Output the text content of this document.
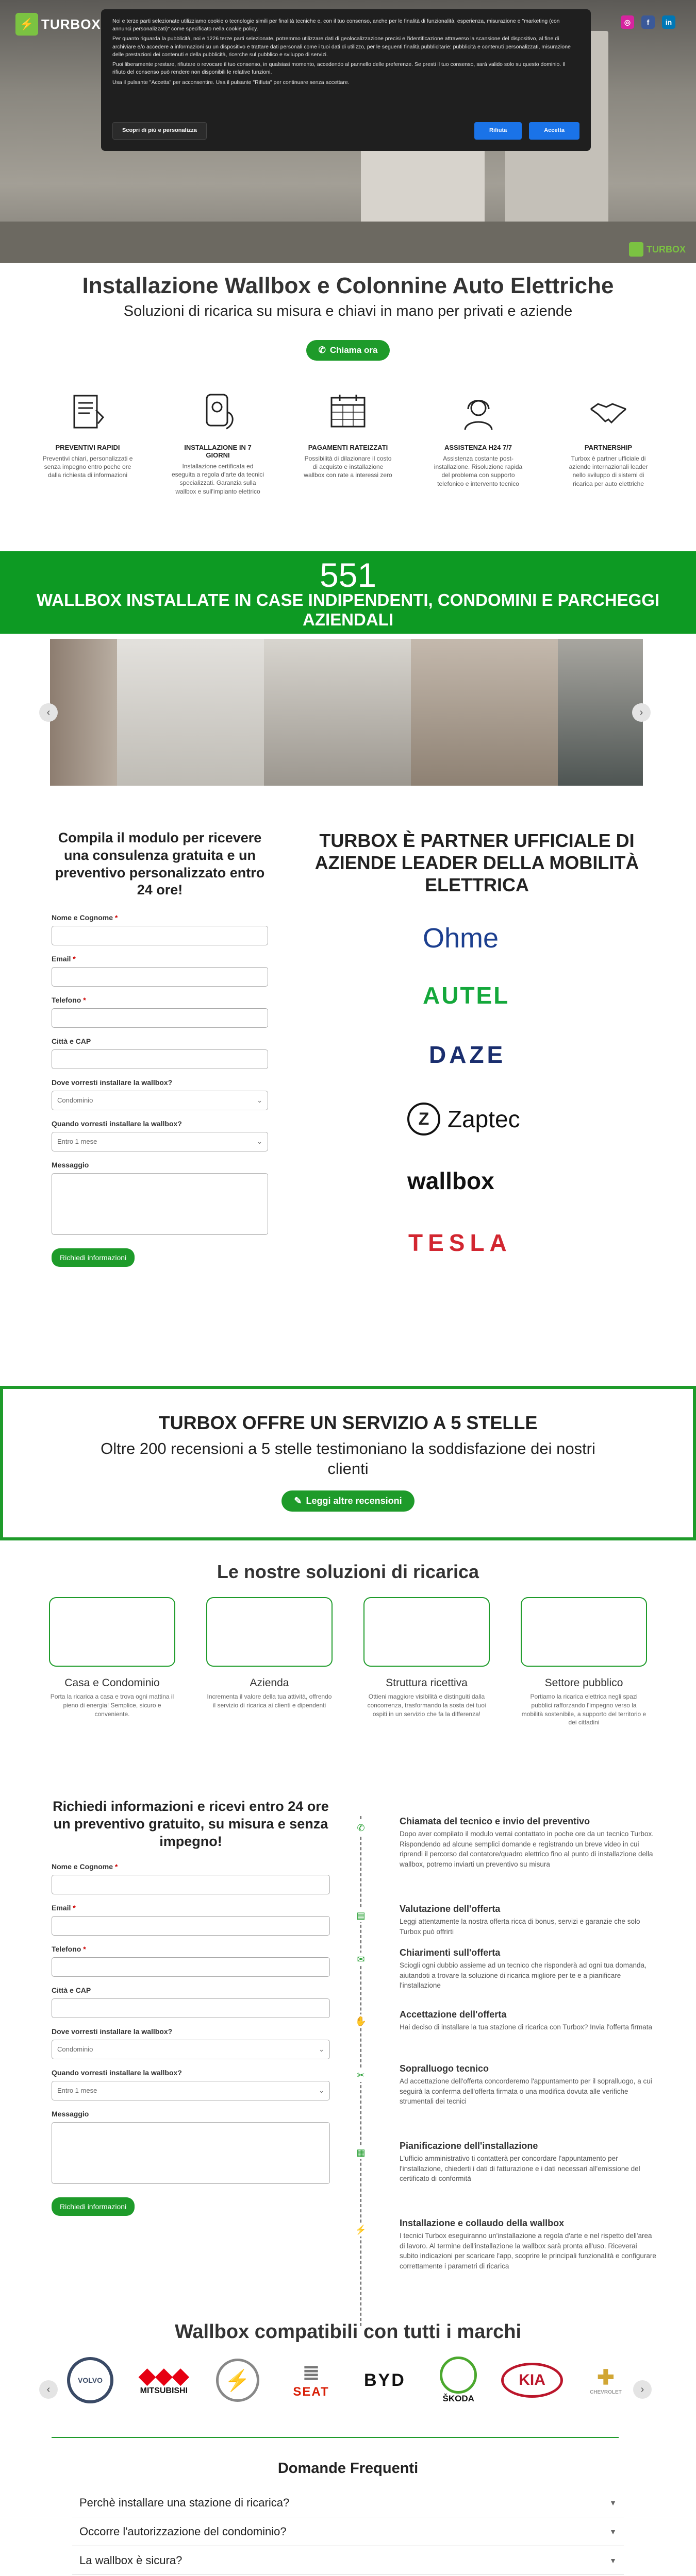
⚡ TURBOX	◎	f	in
TURBOX

Noi e terze parti selezionate utilizziamo cookie o tecnologie simili per finalità tecniche e, con il tuo consenso, anche per le finalità di funzionalità, esperienza, misurazione e "marketing (con annunci personalizzati)" come specificato nella cookie policy.

Per quanto riguarda la pubblicità, noi e 1226 terze parti selezionate, potremmo utilizzare dati di geolocalizzazione precisi e l'identificazione attraverso la scansione del dispositivo, al fine di archiviare e/o accedere a informazioni su un dispositivo e trattare dati personali come i tuoi dati di utilizzo, per le seguenti finalità pubblicitarie: pubblicità e contenuti personalizzati, misurazione delle prestazioni dei contenuti e della pubblicità, ricerche sul pubblico e sviluppo di servizi.

Puoi liberamente prestare, rifiutare o revocare il tuo consenso, in qualsiasi momento, accedendo al pannello delle preferenze. Se presti il tuo consenso, sarà valido solo su questo dominio. Il rifiuto del consenso può rendere non disponibili le relative funzioni.

Usa il pulsante "Accetta" per acconsentire. Usa il pulsante "Rifiuta" per continuare senza accettare.

Scopri di più e personalizza	Rifiuta	Accetta
Installazione Wallbox e Colonnine Auto Elettriche
Soluzioni di ricarica su misura e chiavi in mano per privati e aziende
✆ Chiama ora
PREVENTIVI RAPIDI

Preventivi chiari, personalizzati e senza impegno entro poche ore dalla richiesta di informazioni

INSTALLAZIONE IN 7 GIORNI

Installazione certificata ed eseguita a regola d'arte da tecnici specializzati. Garanzia sulla wallbox e sull'impianto elettrico

PAGAMENTI RATEIZZATI

Possibilità di dilazionare il costo di acquisto e installazione wallbox con rate a interessi zero

ASSISTENZA H24 7/7

Assistenza costante post-installazione. Risoluzione rapida del problema con supporto telefonico e intervento tecnico

PARTNERSHIP

Turbox è partner ufficiale di aziende internazionali leader nello sviluppo di sistemi di ricarica per auto elettriche

551
WALLBOX INSTALLATE IN CASE INDIPENDENTI, CONDOMINI E PARCHEGGI AZIENDALI
‹	›
Compila il modulo per ricevere una consulenza gratuita e un preventivo personalizzato entro 24 ore!
Nome e Cognome *
Email *
Telefono *
Città e CAP
Dove vorresti installare la wallbox?
Condominio	⌄
Quando vorresti installare la wallbox?
Entro 1 mese	⌄
Messaggio
Richiedi informazioni
TURBOX È PARTNER UFFICIALE DI AZIENDE LEADER DELLA MOBILITÀ ELETTRICA
Ohme
AUTEL
DAZE
Z Zaptec
wallbox
TESLA
TURBOX OFFRE UN SERVIZIO A 5 STELLE

Oltre 200 recensioni a 5 stelle testimoniano la soddisfazione dei nostri clienti

✎ Leggi altre recensioni
Le nostre soluzioni di ricarica
Casa e Condominio

Porta la ricarica a casa e trova ogni mattina il pieno di energia! Semplice, sicuro e conveniente.

Azienda

Incrementa il valore della tua attività, offrendo il servizio di ricarica ai clienti e dipendenti

Struttura ricettiva

Ottieni maggiore visibilità e distinguiti dalla concorrenza, trasformando la sosta dei tuoi ospiti in un servizio che fa la differenza!

Settore pubblico

Portiamo la ricarica elettrica negli spazi pubblici rafforzando l'impegno verso la mobilità sostenibile, a supporto del territorio e dei cittadini

Richiedi informazioni e ricevi entro 24 ore un preventivo gratuito, su misura e senza impegno!
Nome e Cognome *
Email *
Telefono *
Città e CAP
Dove vorresti installare la wallbox?
Condominio	⌄
Quando vorresti installare la wallbox?
Entro 1 mese	⌄
Messaggio
Richiedi informazioni
✆
Chiamata del tecnico e invio del preventivo

Dopo aver compilato il modulo verrai contattato in poche ore da un tecnico Turbox. Rispondendo ad alcune semplici domande e registrando un breve video in cui riprendi il percorso dal contatore/quadro elettrico fino al punto di installazione della wallbox, potremo inviarti un preventivo su misura

▤
Valutazione dell'offerta

Leggi attentamente la nostra offerta ricca di bonus, servizi e garanzie che solo Turbox può offrirti

✉
Chiarimenti sull'offerta

Sciogli ogni dubbio assieme ad un tecnico che risponderà ad ogni tua domanda, aiutandoti a trovare la soluzione di ricarica migliore per te e a pianificare l'installazione

✋
Accettazione dell'offerta

Hai deciso di installare la tua stazione di ricarica con Turbox? Invia l'offerta firmata

✂
Sopralluogo tecnico

Ad accettazione dell'offerta concorderemo l'appuntamento per il sopralluogo, a cui seguirà la conferma dell'offerta firmata o una modifica dovuta alle verifiche strumentali dei tecnici

▦
Pianificazione dell'installazione

L'ufficio amministrativo ti contatterà per concordare l'appuntamento per l'installazione, chiederti i dati di fatturazione e i dati necessari all'emissione del certificato di conformità

⚡
Installazione e collaudo della wallbox

I tecnici Turbox eseguiranno un'installazione a regola d'arte e nel rispetto dell'area di lavoro. Al termine dell'installazione la wallbox sarà pronta all'uso. Riceverai subito indicazioni per scaricare l'app, scoprire le principali funzionalità e configurare correttamente i parametri di ricarica

Wallbox compatibili con tutti i marchi
‹	›
VOLVO	◆◆◆
MITSUBISHI	⚡	≣
SEAT
BYD
ŠKODA
KIA	✚
CHEVROLET
Domande Frequenti
Perchè installare una stazione di ricarica?	▼
Occorre l'autorizzazione del condominio?	▼
La wallbox è sicura?	▼
